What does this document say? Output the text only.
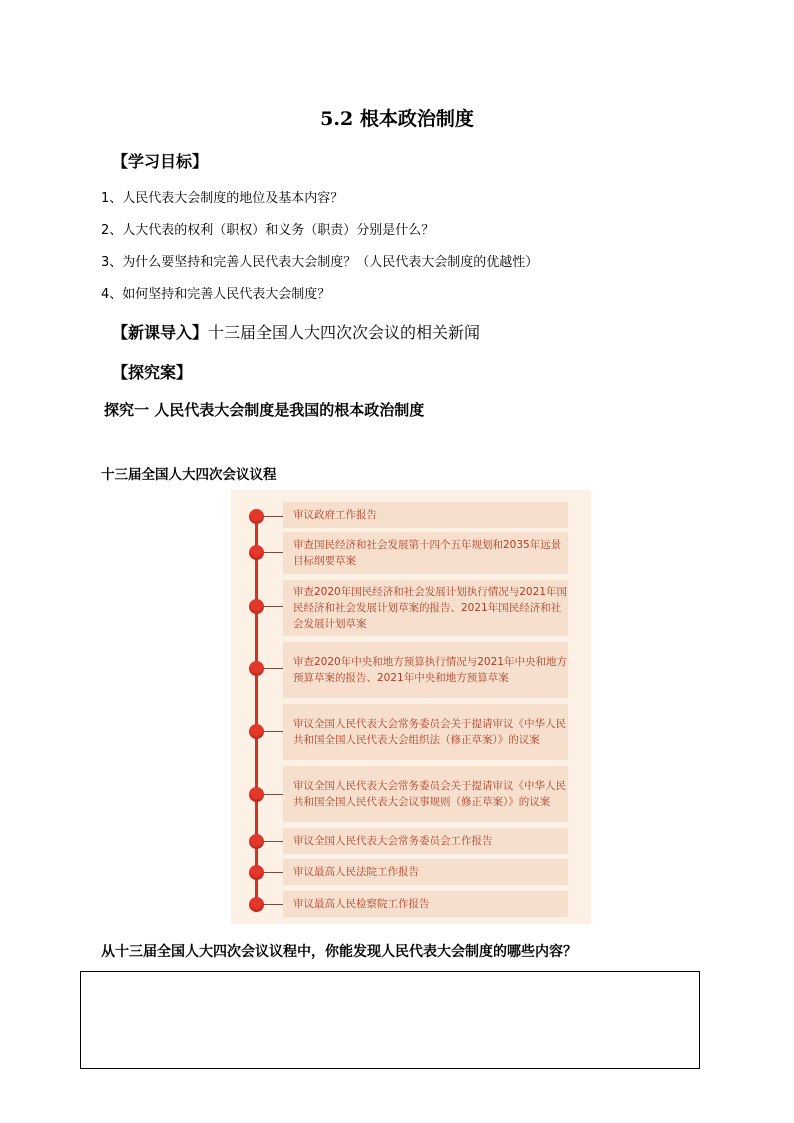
5.2 根本政治制度
【学习目标】
1、人民代表大会制度的地位及基本内容？
2、人大代表的权利（职权）和义务（职责）分别是什么？
3、为什么要坚持和完善人民代表大会制度？（人民代表大会制度的优越性）
4、如何坚持和完善人民代表大会制度？
【新课导入】十三届全国人大四次次会议的相关新闻
【探究案】
探究一 人民代表大会制度是我国的根本政治制度
十三届全国人大四次会议议程
审议政府工作报告
审查国民经济和社会发展第十四个五年规划和2035年远景目标纲要草案
审查2020年国民经济和社会发展计划执行情况与2021年国民经济和社会发展计划草案的报告、2021年国民经济和社会发展计划草案
审查2020年中央和地方预算执行情况与2021年中央和地方预算草案的报告、2021年中央和地方预算草案
审议全国人民代表大会常务委员会关于提请审议《中华人民共和国全国人民代表大会组织法（修正草案）》的议案
审议全国人民代表大会常务委员会关于提请审议《中华人民共和国全国人民代表大会议事规则（修正草案）》的议案
审议全国人民代表大会常务委员会工作报告
审议最高人民法院工作报告
审议最高人民检察院工作报告
从十三届全国人大四次会议议程中，你能发现人民代表大会制度的哪些内容？
